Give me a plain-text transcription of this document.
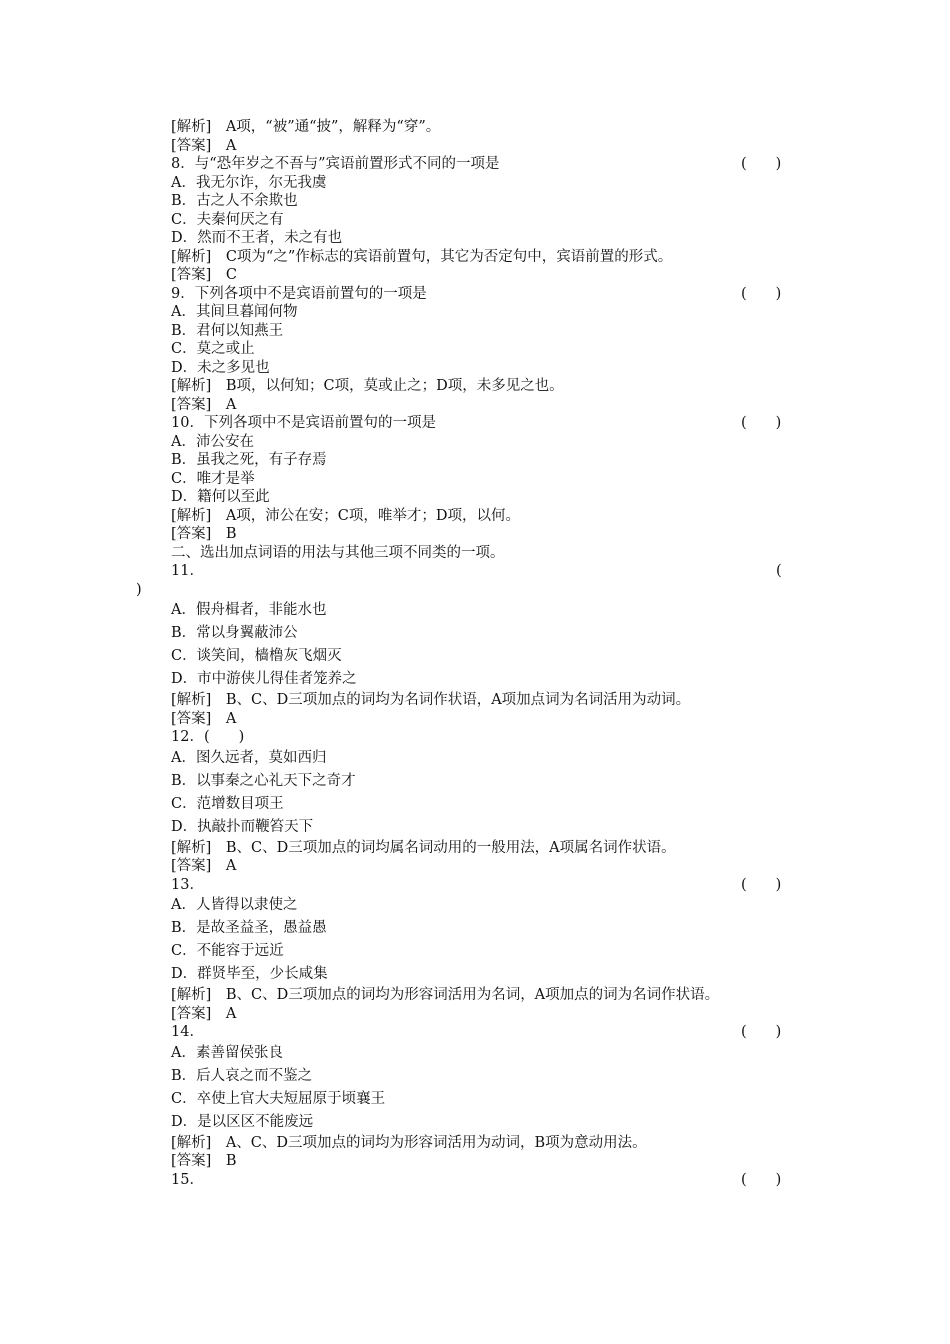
[解析]　A项，“被”通“披”，解释为“穿”。
[答案]　A
8．与“恐年岁之不吾与”宾语前置形式不同的一项是	(　　)
A．我无尔诈，尔无我虞
B．古之人不余欺也
C．夫秦何厌之有
D．然而不王者，未之有也
[解析]　C项为“之”作标志的宾语前置句，其它为否定句中，宾语前置的形式。
[答案]　C
9．下列各项中不是宾语前置句的一项是	(　　)
A．其间旦暮闻何物
B．君何以知燕王
C．莫之或止
D．未之多见也
[解析]　B项，以何知；C项，莫或止之；D项，未多见之也。
[答案]　A
10．下列各项中不是宾语前置句的一项是	(　　)
A．沛公安在
B．虽我之死，有子存焉
C．唯才是举
D．籍何以至此
[解析]　A项，沛公在安；C项，唯举才；D项，以何。
[答案]　B
二、选出加点词语的用法与其他三项不同类的一项。
11．	(
)
A．假舟楫者，非能水也
B．常以身翼蔽沛公
C．谈笑间，樯橹灰飞烟灭
D．市中游侠儿得佳者笼养之
[解析]　B、C、D三项加点的词均为名词作状语，A项加点词为名词活用为动词。
[答案]　A
12．(　　)
A．图久远者，莫如西归
B．以事秦之心礼天下之奇才
C．范增数目项王
D．执敲扑而鞭笞天下
[解析]　B、C、D三项加点的词均属名词动用的一般用法，A项属名词作状语。
[答案]　A
13．	(　　)
A．人皆得以隶使之
B．是故圣益圣，愚益愚
C．不能容于远近
D．群贤毕至，少长咸集
[解析]　B、C、D三项加点的词均为形容词活用为名词，A项加点的词为名词作状语。
[答案]　A
14．	(　　)
A．素善留侯张良
B．后人哀之而不鉴之
C．卒使上官大夫短屈原于顷襄王
D．是以区区不能废远
[解析]　A、C、D三项加点的词均为形容词活用为动词，B项为意动用法。
[答案]　B
15．	(　　)
